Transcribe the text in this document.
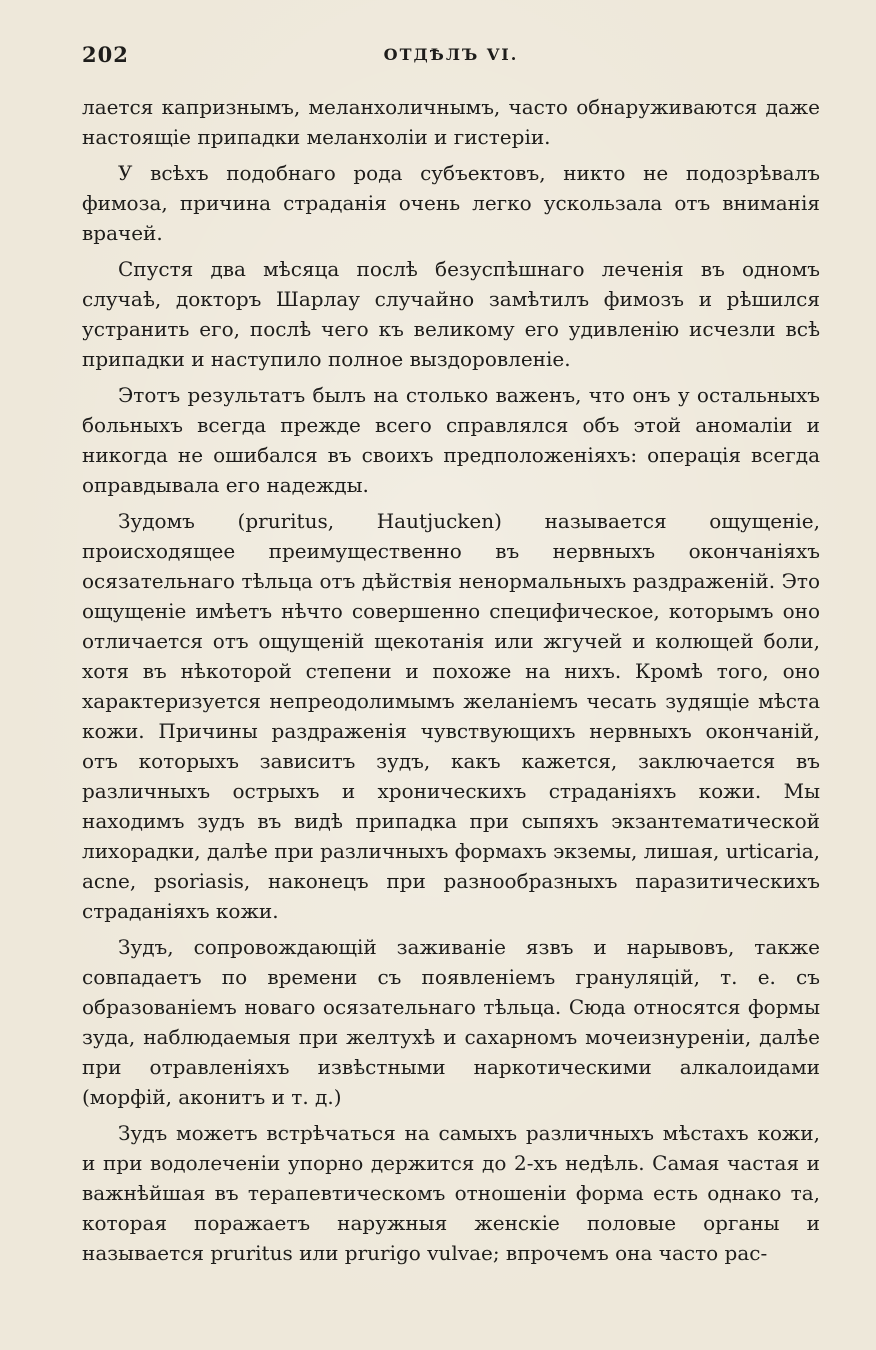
202	ОТДѢЛЪ VI.

лается капризнымъ, меланхоличнымъ, часто обнаруживаются даже настоящіе припадки меланхоліи и гистеріи.

У всѣхъ подобнаго рода субъектовъ, никто не подозрѣвалъ фимоза, причина страданія очень легко ускользала отъ вниманія врачей.

Спустя два мѣсяца послѣ безуспѣшнаго леченія въ одномъ случаѣ, докторъ Шарлау случайно замѣтилъ фимозъ и рѣшился устранить его, послѣ чего къ великому его удивленію исчезли всѣ припадки и наступило полное выздоровленіе.

Этотъ результатъ былъ на столько важенъ, что онъ у остальныхъ больныхъ всегда прежде всего справлялся объ этой аномаліи и никогда не ошибался въ своихъ предположеніяхъ: операція всегда оправдывала его надежды.

Зудомъ (pruritus, Hautjucken) называется ощущеніе, происходящее преимущественно въ нервныхъ окончаніяхъ осязательнаго тѣльца отъ дѣйствія ненормальныхъ раздраженій. Это ощущеніе имѣетъ нѣчто совершенно специфическое, которымъ оно отличается отъ ощущеній щекотанія или жгучей и колющей боли, хотя въ нѣкоторой степени и похоже на нихъ. Кромѣ того, оно характеризуется непреодолимымъ желаніемъ чесать зудящіе мѣста кожи. Причины раздраженія чувствующихъ нервныхъ окончаній, отъ которыхъ зависитъ зудъ, какъ кажется, заключается въ различныхъ острыхъ и хроническихъ страданіяхъ кожи. Мы находимъ зудъ въ видѣ припадка при сыпяхъ экзантематической лихорадки, далѣе при различныхъ формахъ экземы, лишая, urticaria, acne, psoriasis, наконецъ при разнообразныхъ паразитическихъ страданіяхъ кожи.

Зудъ, сопровождающій заживаніе язвъ и нарывовъ, также совпадаетъ по времени съ появленіемъ грануляцій, т. е. съ образованіемъ новаго осязательнаго тѣльца. Сюда относятся формы зуда, наблюдаемыя при желтухѣ и сахарномъ мочеизнуреніи, далѣе при отравленіяхъ извѣстными наркотическими алкалоидами (морфій, аконитъ и т. д.)

Зудъ можетъ встрѣчаться на самыхъ различныхъ мѣстахъ кожи, и при водолеченіи упорно держится до 2-хъ недѣль. Самая частая и важнѣйшая въ терапевтическомъ отношеніи форма есть однако та, которая поражаетъ наружныя женскіе половые органы и называется pruritus или prurigo vulvae; впрочемъ она часто рас-
